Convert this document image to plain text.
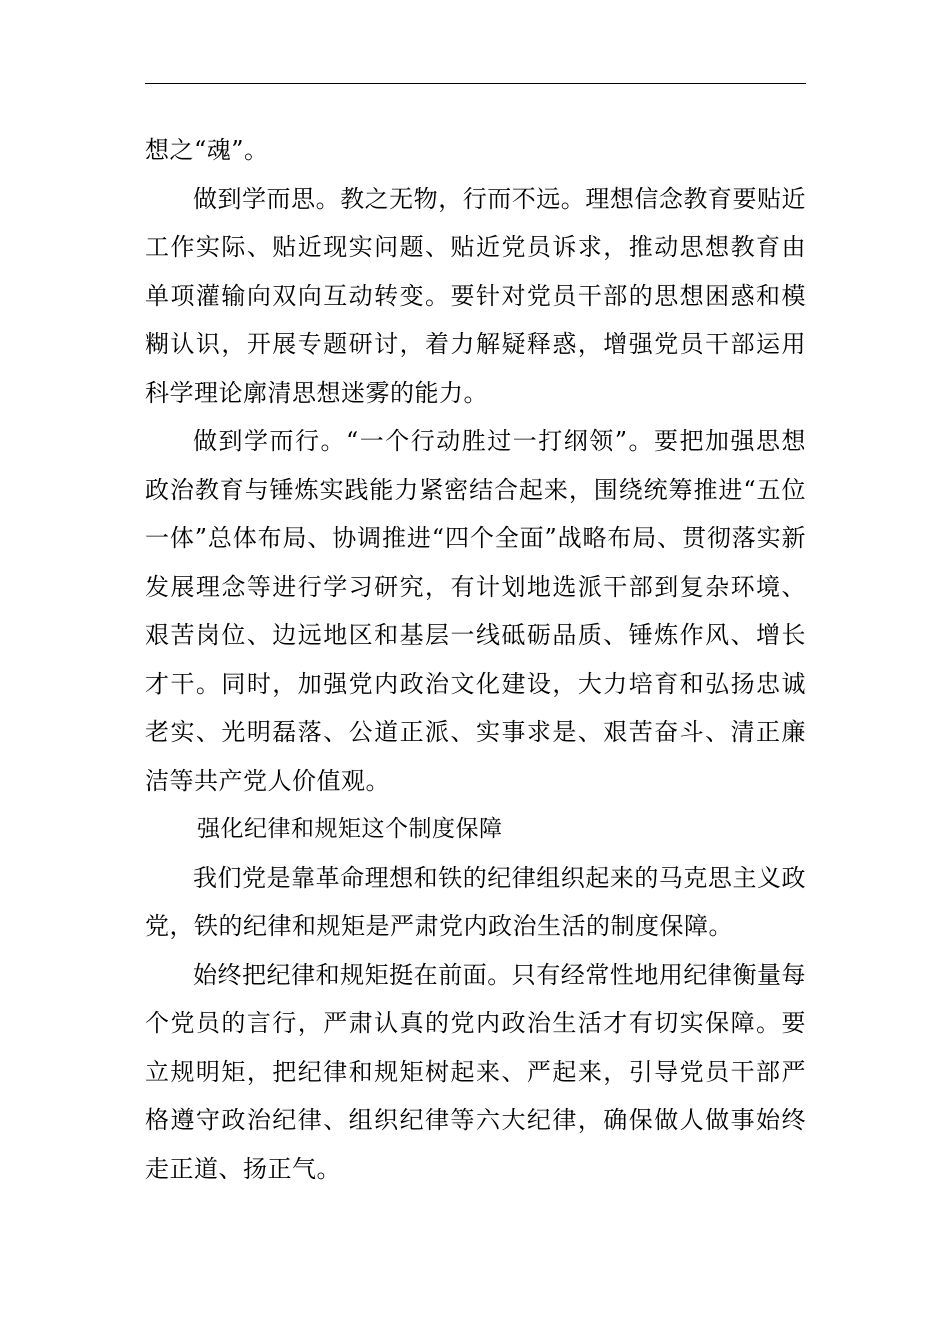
想之“魂”。

做到学而思。教之无物，行而不远。理想信念教育要贴近工作实际、贴近现实问题、贴近党员诉求，推动思想教育由单项灌输向双向互动转变。要针对党员干部的思想困惑和模糊认识，开展专题研讨，着力解疑释惑，增强党员干部运用科学理论廓清思想迷雾的能力。

做到学而行。“一个行动胜过一打纲领”。要把加强思想政治教育与锤炼实践能力紧密结合起来，围绕统筹推进“五位一体”总体布局、协调推进“四个全面”战略布局、贯彻落实新发展理念等进行学习研究，有计划地选派干部到复杂环境、艰苦岗位、边远地区和基层一线砥砺品质、锤炼作风、增长才干。同时，加强党内政治文化建设，大力培育和弘扬忠诚老实、光明磊落、公道正派、实事求是、艰苦奋斗、清正廉洁等共产党人价值观。

强化纪律和规矩这个制度保障

我们党是靠革命理想和铁的纪律组织起来的马克思主义政党，铁的纪律和规矩是严肃党内政治生活的制度保障。

始终把纪律和规矩挺在前面。只有经常性地用纪律衡量每个党员的言行，严肃认真的党内政治生活才有切实保障。要立规明矩，把纪律和规矩树起来、严起来，引导党员干部严格遵守政治纪律、组织纪律等六大纪律，确保做人做事始终走正道、扬正气。
